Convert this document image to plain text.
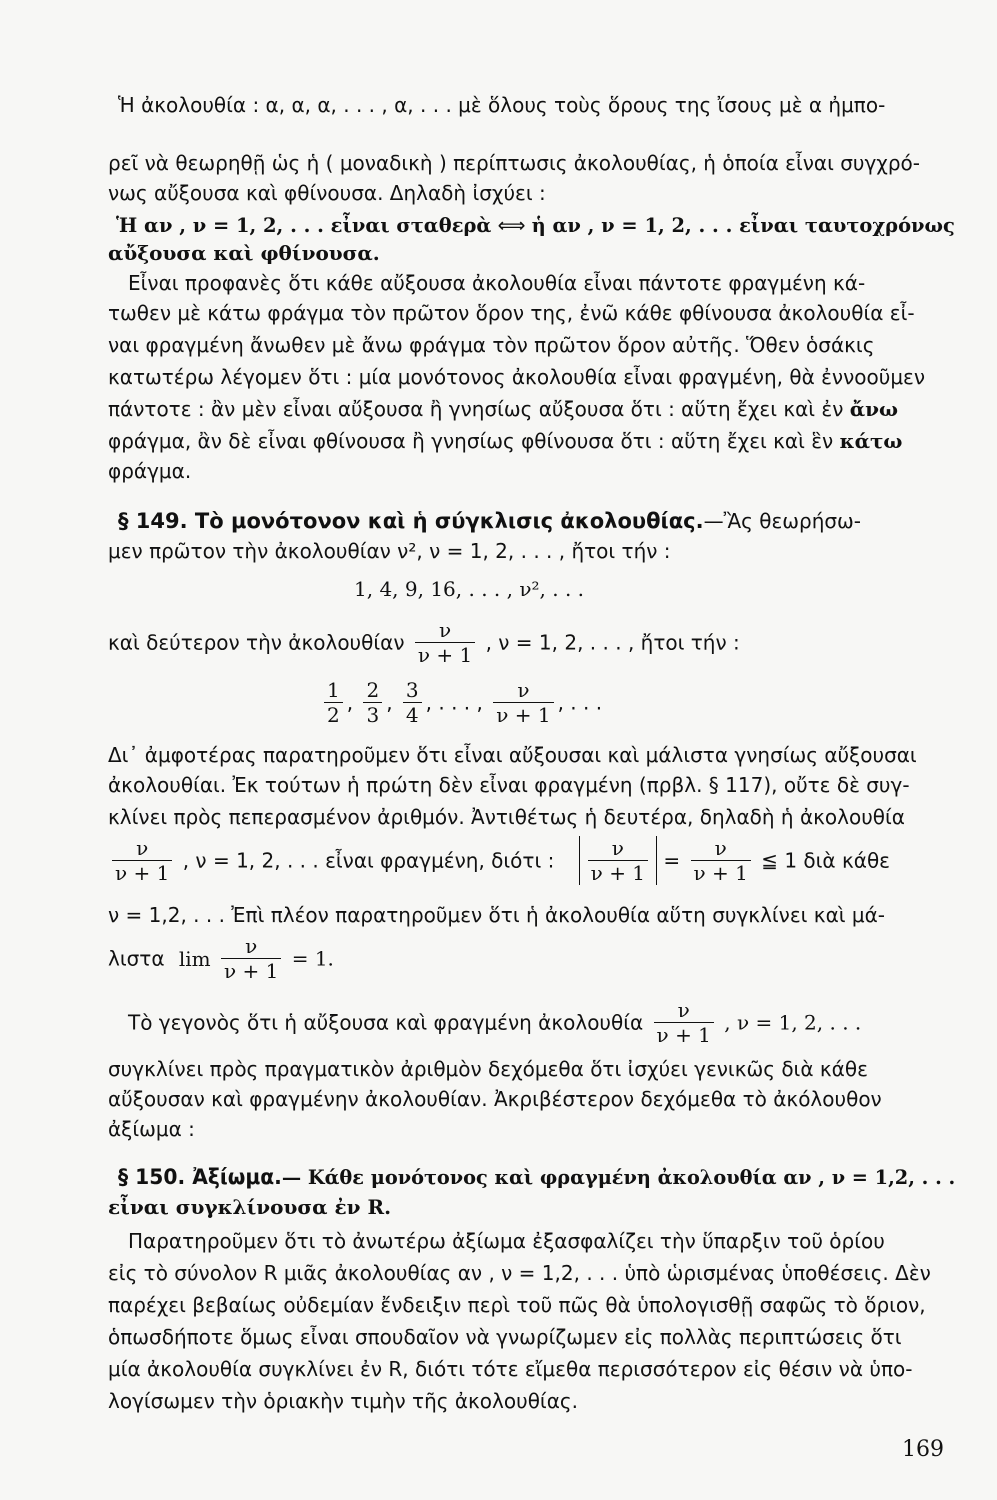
Ἡ ἀκολουθία : α, α, α, . . . , α, . . . μὲ ὅλους τοὺς ὅρους της ἴσους μὲ α ἠμπο-
ρεῖ νὰ θεωρηθῇ ὡς ἡ ( μοναδικὴ ) περίπτωσις ἀκολουθίας, ἡ ὁποία εἶναι συγχρό-
νως αὔξουσα καὶ φθίνουσα. Δηλαδὴ ἰσχύει :
Ἡ αν , ν = 1, 2, . . . εἶναι σταθερὰ ⟺ ἡ αν , ν = 1, 2, . . . εἶναι ταυτοχρόνως
αὔξουσα καὶ φθίνουσα.
Εἶναι προφανὲς ὅτι κάθε αὔξουσα ἀκολουθία εἶναι πάντοτε φραγμένη κά-
τωθεν μὲ κάτω φράγμα τὸν πρῶτον ὅρον της, ἐνῶ κάθε φθίνουσα ἀκολουθία εἶ-
ναι φραγμένη ἄνωθεν μὲ ἄνω φράγμα τὸν πρῶτον ὅρον αὐτῆς. Ὅθεν ὁσάκις
κατωτέρω λέγομεν ὅτι : μία μονότονος ἀκολουθία εἶναι φραγμένη, θὰ ἐννοοῦμεν
πάντοτε : ἂν μὲν εἶναι αὔξουσα ἢ γνησίως αὔξουσα ὅτι : αὕτη ἔχει καὶ ἐν ἄνω
φράγμα, ἂν δὲ εἶναι φθίνουσα ἢ γνησίως φθίνουσα ὅτι : αὕτη ἔχει καὶ ἓν κάτω
φράγμα.
§ 149. Τὸ μονότονον καὶ ἡ σύγκλισις ἀκολουθίας.—Ἂς θεωρήσω-
μεν πρῶτον τὴν ἀκολουθίαν ν², ν = 1, 2, . . . , ἤτοι τήν :
1, 4, 9, 16, . . . , ν², . . .
καὶ δεύτερον τὴν ἀκολουθίαν $\frac{\nu}{\nu + 1}$ , ν = 1, 2, . . . , ἤτοι τήν :
$\frac{1}{2}$ , $\frac{2}{3}$ , $\frac{3}{4}$ , . . . , $\frac{\nu}{\nu + 1}$ , . . .
Δι᾽ ἀμφοτέρας παρατηροῦμεν ὅτι εἶναι αὔξουσαι καὶ μάλιστα γνησίως αὔξουσαι
ἀκολουθίαι. Ἐκ τούτων ἡ πρώτη δὲν εἶναι φραγμένη (πρβλ. § 117), οὔτε δὲ συγ-
κλίνει πρὸς πεπερασμένον ἀριθμόν. Ἀντιθέτως ἡ δευτέρα, δηλαδὴ ἡ ἀκολουθία
$\frac{\nu}{\nu + 1}$ , ν = 1, 2, . . . εἶναι φραγμένη, διότι : $\frac{\nu}{\nu + 1} = \frac{\nu}{\nu + 1}$ ≦ 1 διὰ κάθε
ν = 1,2, . . . Ἐπὶ πλέον παρατηροῦμεν ὅτι ἡ ἀκολουθία αὕτη συγκλίνει καὶ μά-
λιστα $\lim \frac{\nu}{\nu + 1} = 1$.
Τὸ γεγονὸς ὅτι ἡ αὔξουσα καὶ φραγμένη ἀκολουθία $\frac{\nu}{\nu + 1}$ , ν = 1, 2, . . .
συγκλίνει πρὸς πραγματικὸν ἀριθμὸν δεχόμεθα ὅτι ἰσχύει γενικῶς διὰ κάθε
αὔξουσαν καὶ φραγμένην ἀκολουθίαν. Ἀκριβέστερον δεχόμεθα τὸ ἀκόλουθον
ἀξίωμα :
§ 150. Ἀξίωμα.— Κάθε μονότονος καὶ φραγμένη ἀκολουθία αν , ν = 1,2, . . .
εἶναι συγκλίνουσα ἐν R.
Παρατηροῦμεν ὅτι τὸ ἀνωτέρω ἀξίωμα ἐξασφαλίζει τὴν ὕπαρξιν τοῦ ὁρίου
εἰς τὸ σύνολον R μιᾶς ἀκολουθίας αν , ν = 1,2, . . . ὑπὸ ὡρισμένας ὑποθέσεις. Δὲν
παρέχει βεβαίως οὐδεμίαν ἔνδειξιν περὶ τοῦ πῶς θὰ ὑπολογισθῇ σαφῶς τὸ ὅριον,
ὁπωσδήποτε ὅμως εἶναι σπουδαῖον νὰ γνωρίζωμεν εἰς πολλὰς περιπτώσεις ὅτι
μία ἀκολουθία συγκλίνει ἐν R, διότι τότε εἴμεθα περισσότερον εἰς θέσιν νὰ ὑπο-
λογίσωμεν τὴν ὁριακὴν τιμὴν τῆς ἀκολουθίας.
169
